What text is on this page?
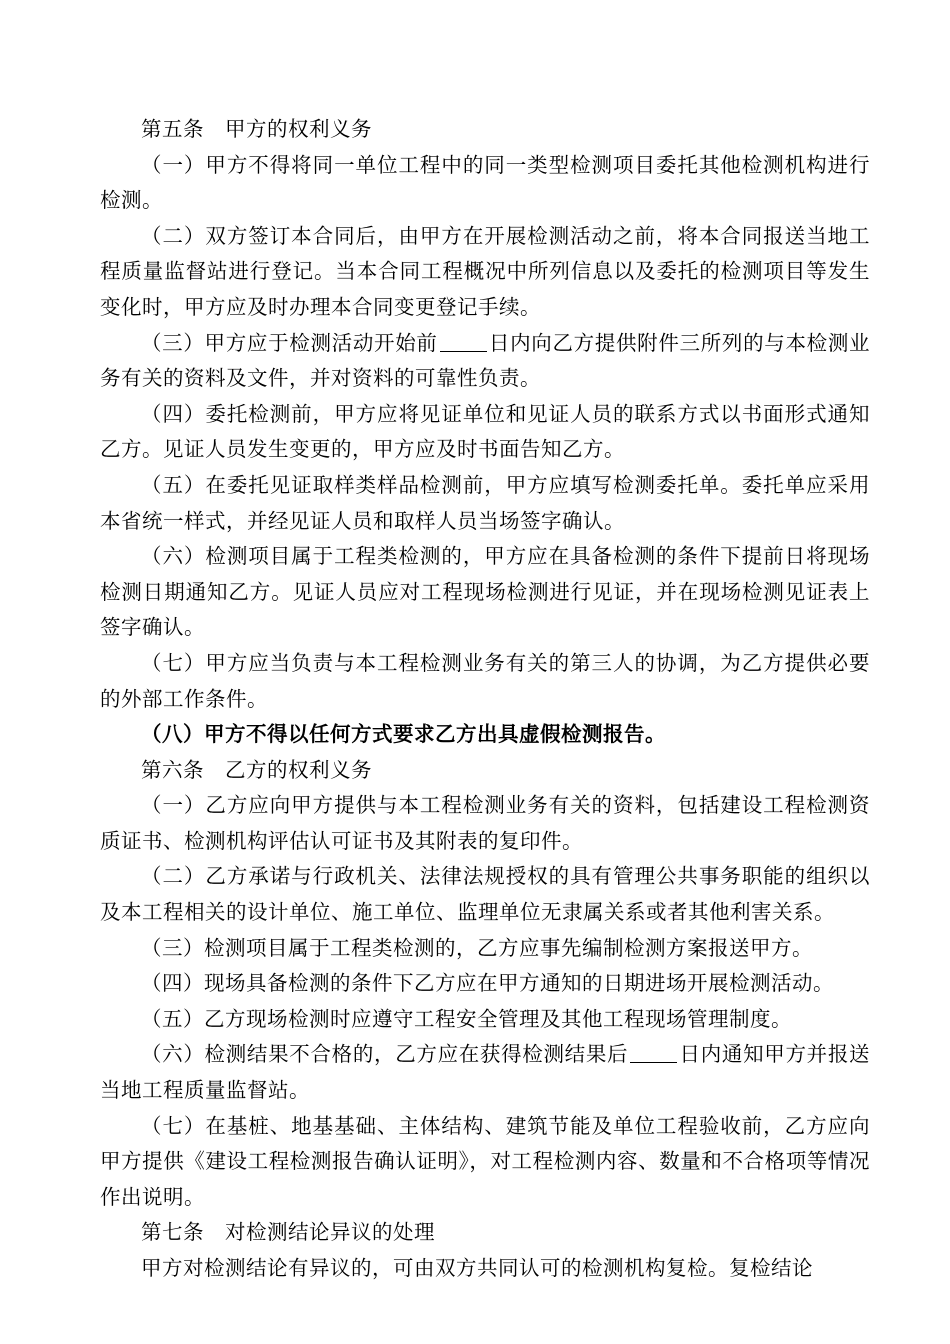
第五条　甲方的权利义务

（一）甲方不得将同一单位工程中的同一类型检测项目委托其他检测机构进行检测。

（二）双方签订本合同后，由甲方在开展检测活动之前，将本合同报送当地工程质量监督站进行登记。当本合同工程概况中所列信息以及委托的检测项目等发生变化时，甲方应及时办理本合同变更登记手续。

（三）甲方应于检测活动开始前 日内向乙方提供附件三所列的与本检测业务有关的资料及文件，并对资料的可靠性负责。

（四）委托检测前，甲方应将见证单位和见证人员的联系方式以书面形式通知乙方。见证人员发生变更的，甲方应及时书面告知乙方。

（五）在委托见证取样类样品检测前，甲方应填写检测委托单。委托单应采用本省统一样式，并经见证人员和取样人员当场签字确认。

（六）检测项目属于工程类检测的，甲方应在具备检测的条件下提前日将现场检测日期通知乙方。见证人员应对工程现场检测进行见证，并在现场检测见证表上签字确认。

（七）甲方应当负责与本工程检测业务有关的第三人的协调，为乙方提供必要的外部工作条件。

（八）甲方不得以任何方式要求乙方出具虚假检测报告。

第六条　乙方的权利义务

（一）乙方应向甲方提供与本工程检测业务有关的资料，包括建设工程检测资质证书、检测机构评估认可证书及其附表的复印件。

（二）乙方承诺与行政机关、法律法规授权的具有管理公共事务职能的组织以及本工程相关的设计单位、施工单位、监理单位无隶属关系或者其他利害关系。

（三）检测项目属于工程类检测的，乙方应事先编制检测方案报送甲方。

（四）现场具备检测的条件下乙方应在甲方通知的日期进场开展检测活动。

（五）乙方现场检测时应遵守工程安全管理及其他工程现场管理制度。

（六）检测结果不合格的，乙方应在获得检测结果后 日内通知甲方并报送当地工程质量监督站。

（七）在基桩、地基基础、主体结构、建筑节能及单位工程验收前，乙方应向甲方提供《建设工程检测报告确认证明》，对工程检测内容、数量和不合格项等情况作出说明。

第七条　对检测结论异议的处理

甲方对检测结论有异议的，可由双方共同认可的检测机构复检。复检结论
